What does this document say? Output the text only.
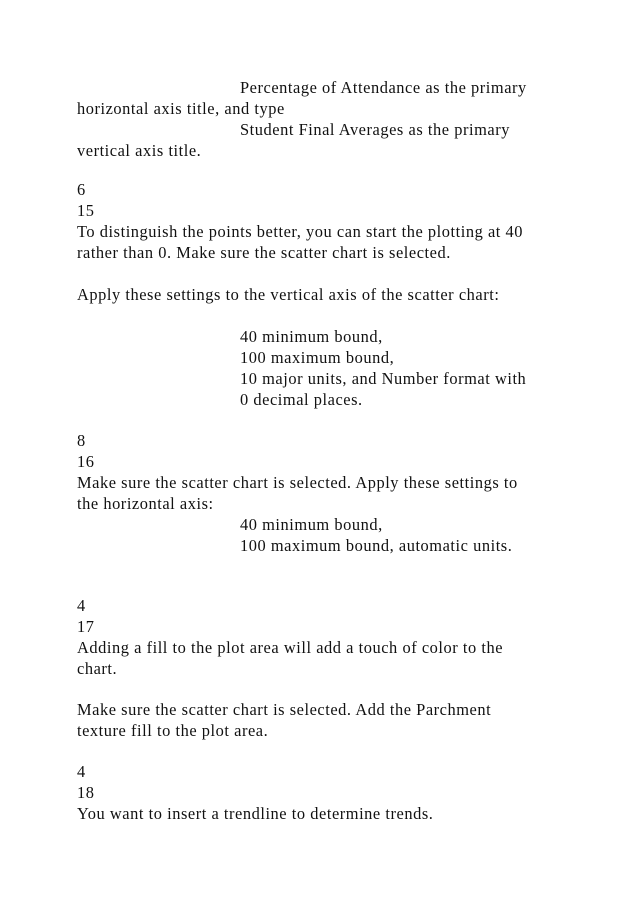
Percentage of Attendance as the primary
horizontal axis title, and type
Student Final Averages as the primary
vertical axis title.
6
15
To distinguish the points better, you can start the plotting at 40
rather than 0. Make sure the scatter chart is selected.
Apply these settings to the vertical axis of the scatter chart:
40 minimum bound,
100 maximum bound,
10 major units, and Number format with
0 decimal places.
8
16
Make sure the scatter chart is selected. Apply these settings to
the horizontal axis:
40 minimum bound,
100 maximum bound, automatic units.
4
17
Adding a fill to the plot area will add a touch of color to the
chart.
Make sure the scatter chart is selected. Add the Parchment
texture fill to the plot area.
4
18
You want to insert a trendline to determine trends.
